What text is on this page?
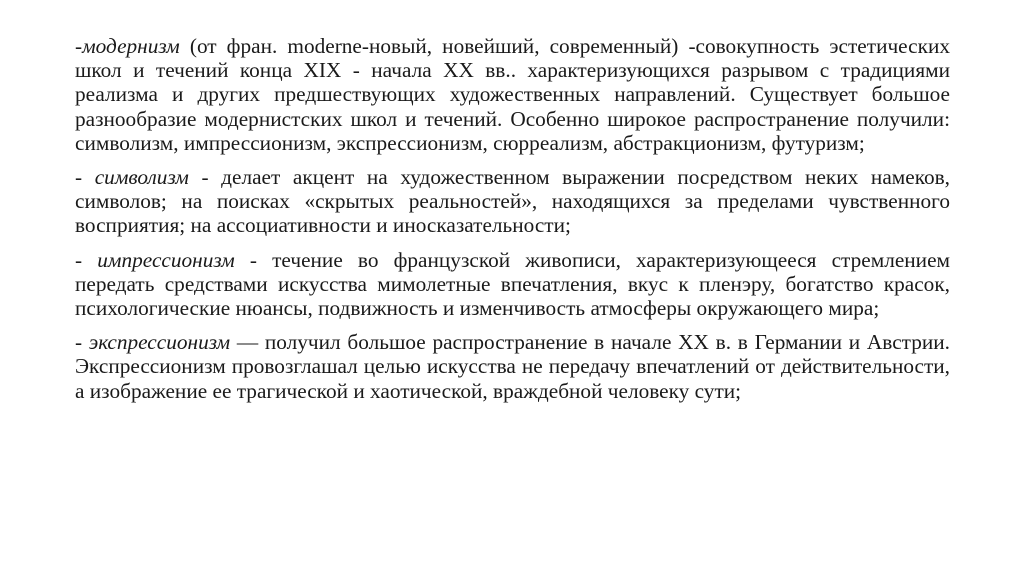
-модернизм (от фран. moderne-новый, новейший, современный) -совокупность эстетических школ и течений конца XIX - начала XX вв.. характеризующихся разрывом с традициями реализма и других предшествующих художественных направлений. Существует большое разнообразие модернистских школ и течений. Особенно широкое распространение получили: символизм, импрессионизм, экспрессионизм, сюрреализм, абстракционизм, футуризм;

- символизм - делает акцент на художественном выражении посредством неких намеков, символов; на поисках «скрытых реальностей», находящихся за пределами чувственного восприятия; на ассоциативности и иносказательности;

- импрессионизм - течение во французской живописи, характеризующееся стремлением передать средствами искусства мимолетные впечатления, вкус к пленэру, богатство красок, психологические нюансы, подвижность и изменчивость атмосферы окружающего мира;

- экспрессионизм — получил большое распространение в начале XX в. в Германии и Австрии. Экспрессионизм провозглашал целью искусства не передачу впечатлений от действительности, а изображение ее трагической и хаотической, враждебной человеку сути;
